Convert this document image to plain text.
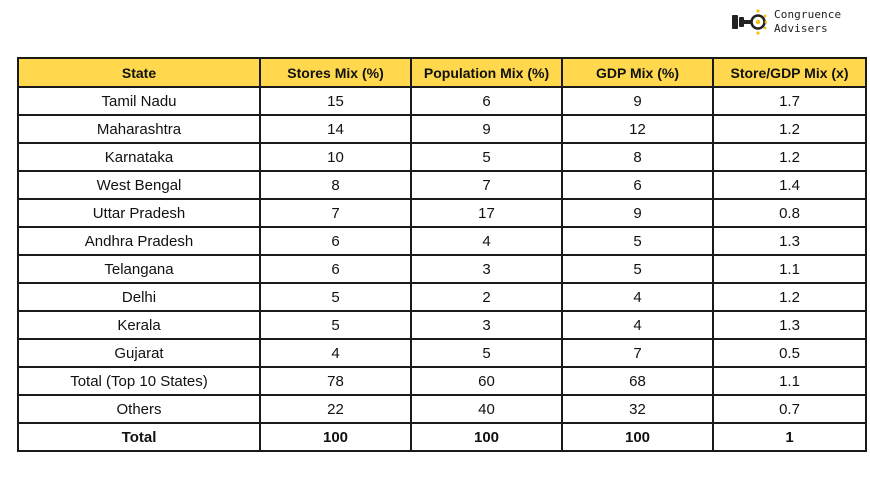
Congruence
Advisers
State	Stores Mix (%)	Population Mix (%)	GDP Mix (%)	Store/GDP Mix (x)
Tamil Nadu	15	6	9	1.7
Maharashtra	14	9	12	1.2
Karnataka	10	5	8	1.2
West Bengal	8	7	6	1.4
Uttar Pradesh	7	17	9	0.8
Andhra Pradesh	6	4	5	1.3
Telangana	6	3	5	1.1
Delhi	5	2	4	1.2
Kerala	5	3	4	1.3
Gujarat	4	5	7	0.5
Total (Top 10 States)	78	60	68	1.1
Others	22	40	32	0.7
Total	100	100	100	1
